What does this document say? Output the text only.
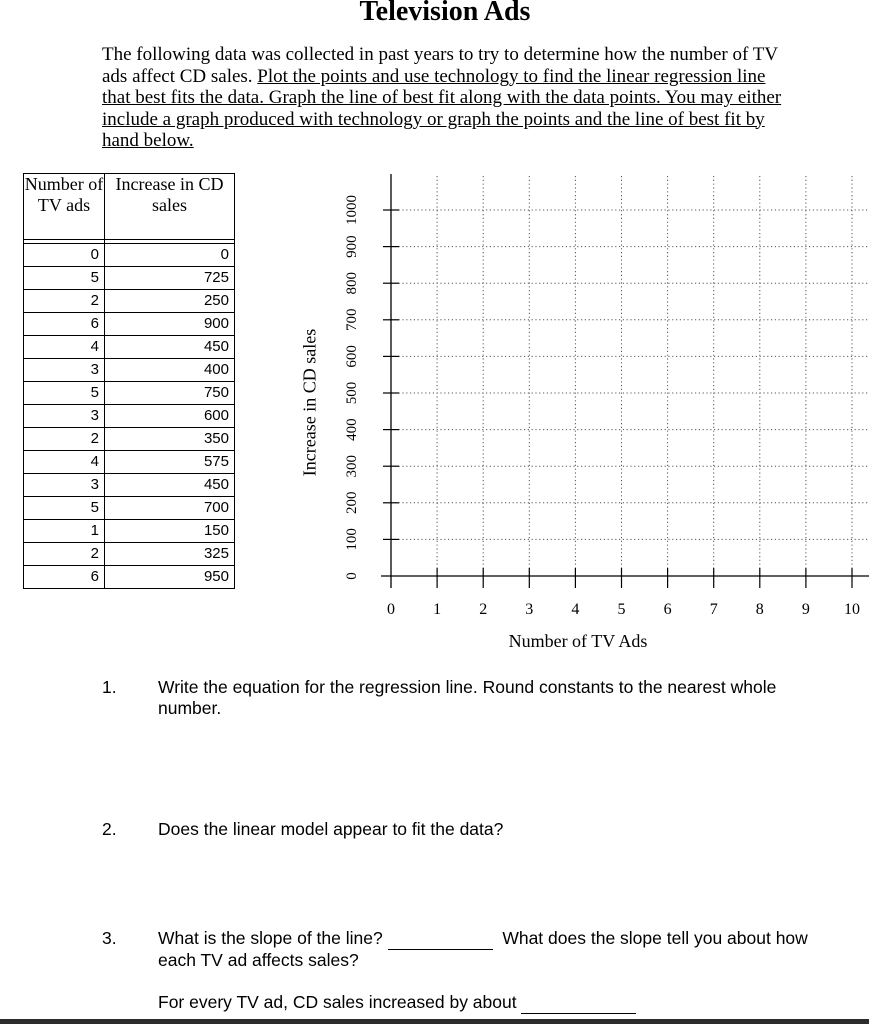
Television Ads

The following data was collected in past years to try to determine how the number of TV ads affect CD sales. Plot the points and use technology to find the linear regression line that best fits the data. Graph the line of best fit along with the data points. You may either include a graph produced with technology or graph the points and the line of best fit by hand below.

Number of TV ads	Increase in CD sales

0	0
5	725
2	250
6	900
4	450
3	400
5	750
3	600
2	350
4	575
3	450
5	700
1	150
2	325
6	950
0 1 2 3 4 5 6 7 8 9 10
0
100
200
300
400
500
600
700
800
900
1000
Increase in CD sales
Number of TV Ads
1. Write the equation for the regression line. Round constants to the nearest whole number.
2. Does the linear model appear to fit the data?
3. What is the slope of the line?	What does the slope tell you about how each TV ad affects sales?
For every TV ad, CD sales increased by about
